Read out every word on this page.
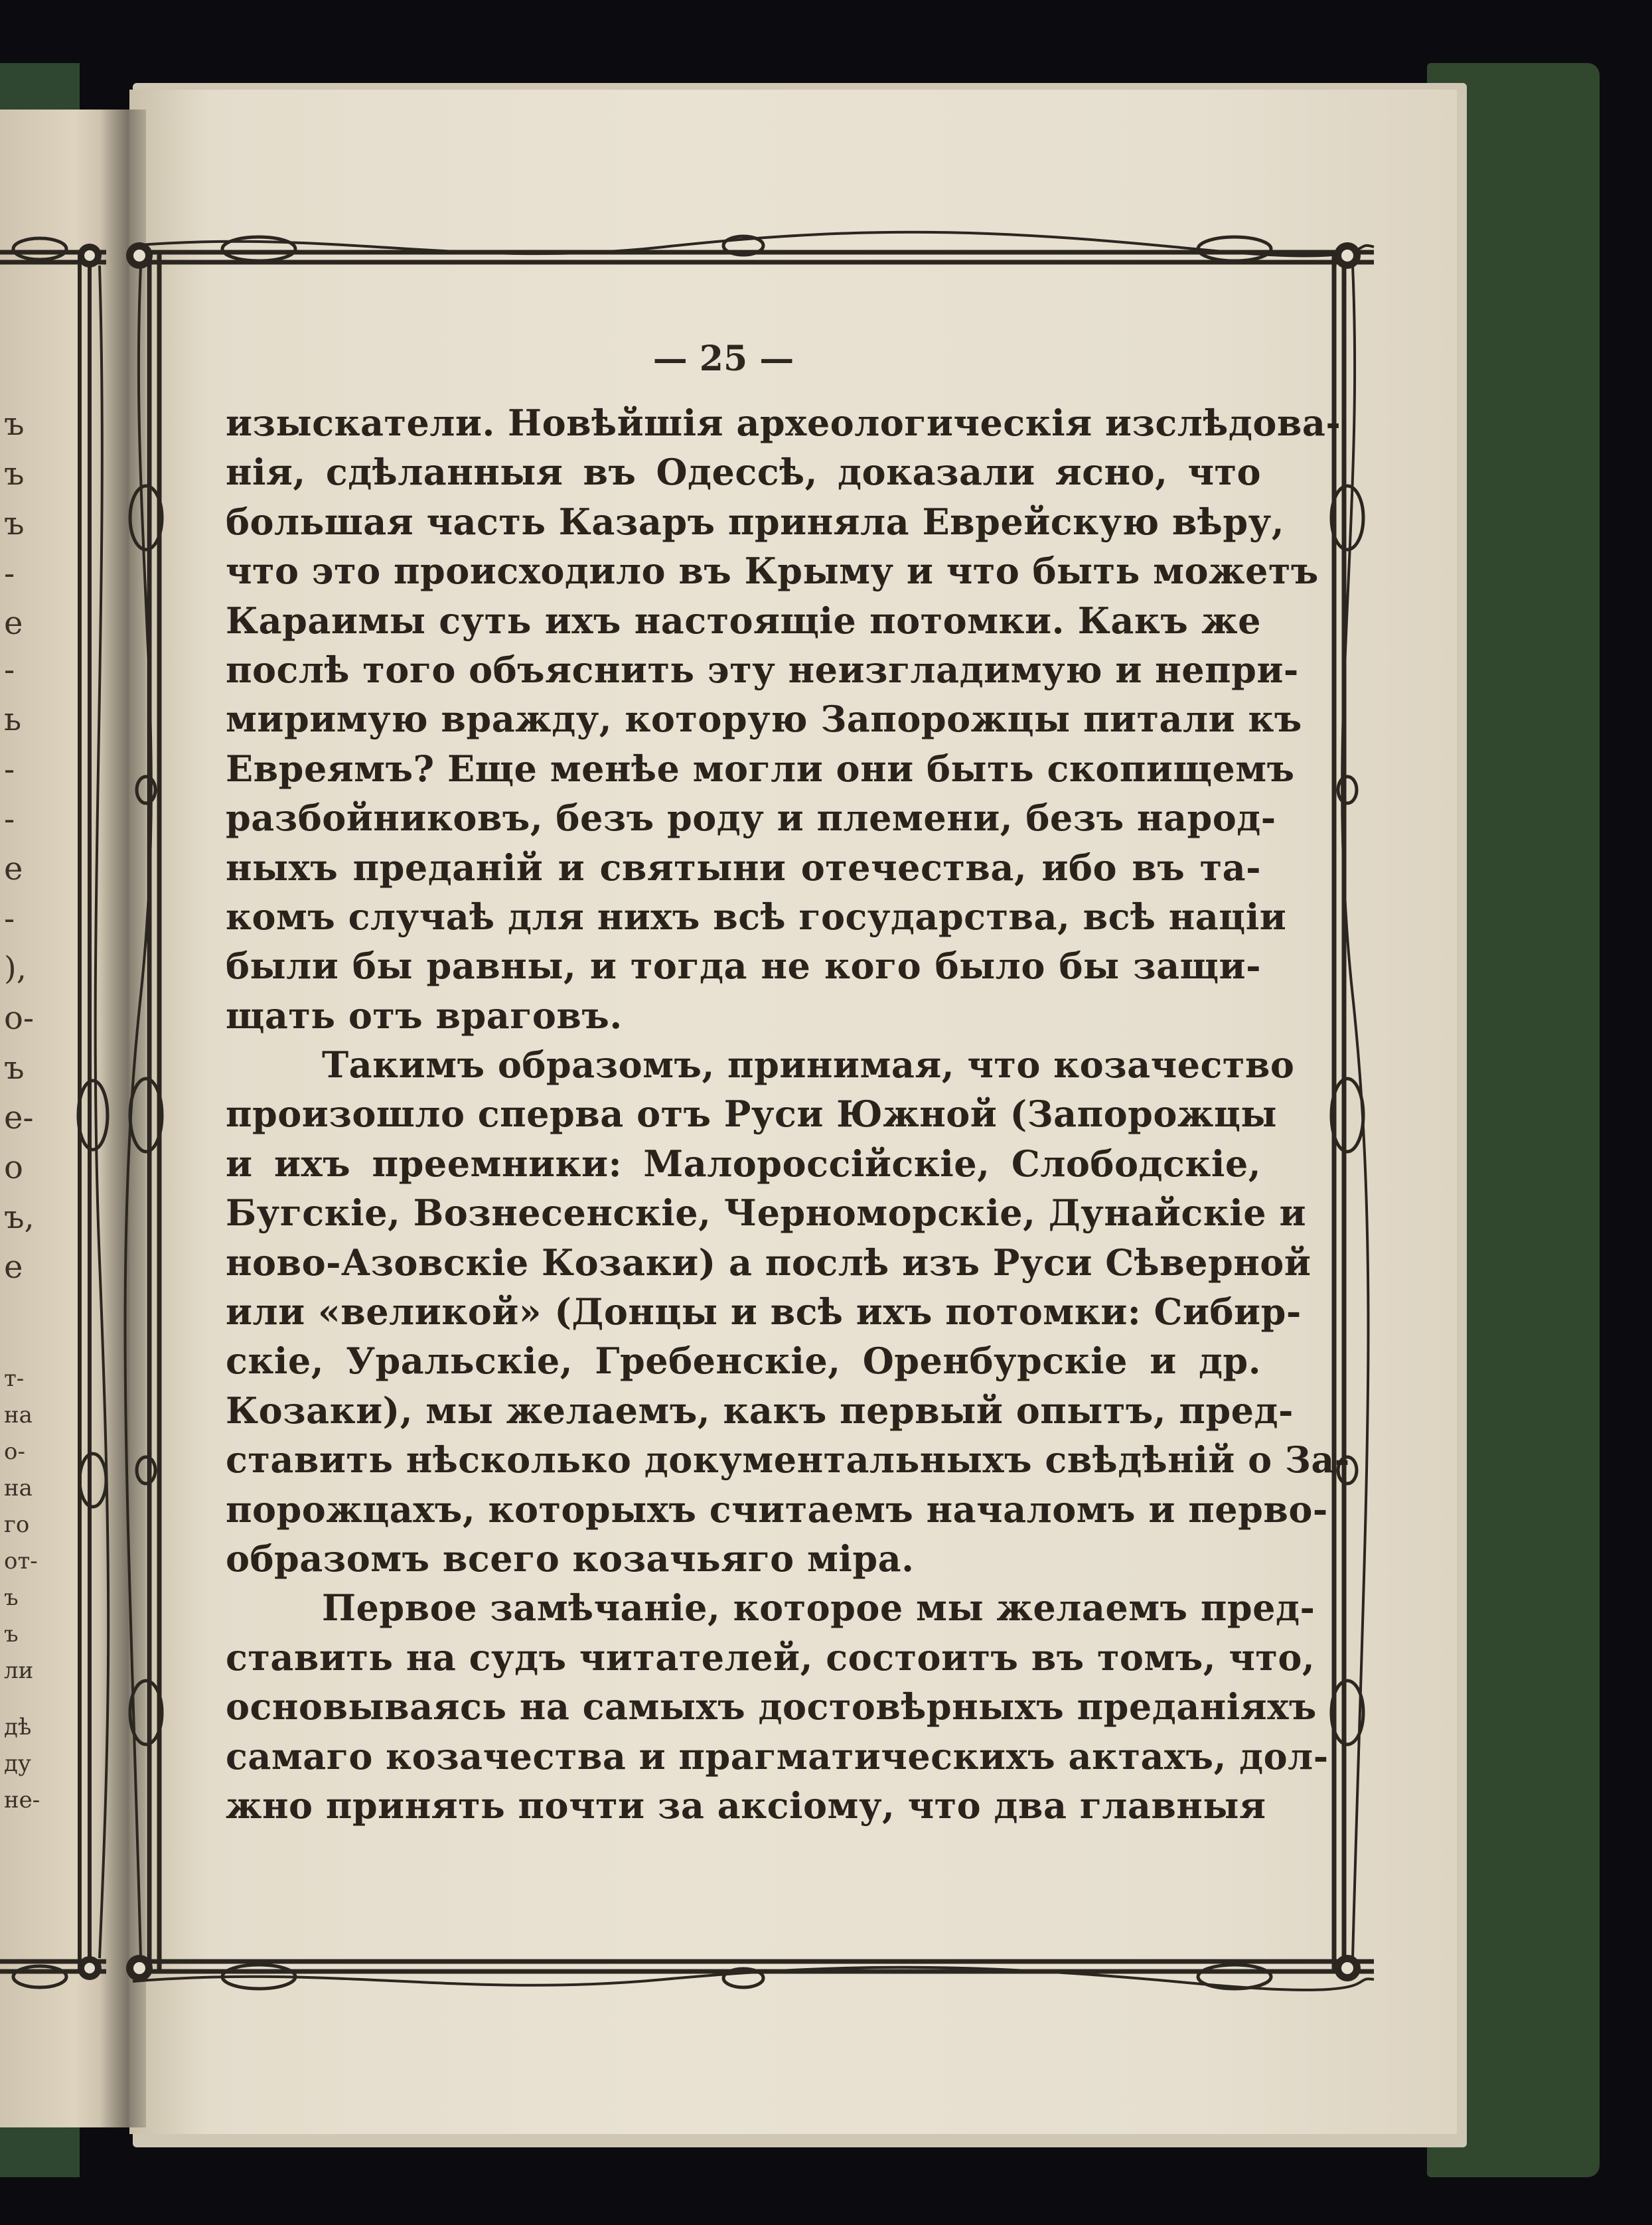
ъ
ъ
ъ
-
е
-
ь
-
-
е
-
),
о-
ъ
е-
о
ъ,
е
т-
на
о-
на
го
от-
ъ
ъ
ли
дѣ
ду
не-
— 25 —
изыскатели. Новѣйшія археологическія изслѣдова-
нія, сдѣланныя въ Одессѣ, доказали ясно, что
большая часть Казаръ приняла Еврейскую вѣру,
что это происходило въ Крыму и что быть можетъ
Караимы суть ихъ настоящіе потомки. Какъ же
послѣ того объяснить эту неизгладимую и непри-
миримую вражду, которую Запорожцы питали къ
Евреямъ? Еще менѣе могли они быть скопищемъ
разбойниковъ, безъ роду и племени, безъ народ-
ныхъ преданій и святыни отечества, ибо въ та-
комъ случаѣ для нихъ всѣ государства, всѣ націи
были бы равны, и тогда не кого было бы защи-
щать отъ враговъ.
Такимъ образомъ, принимая, что козачество
произошло сперва отъ Руси Южной (Запорожцы
и ихъ преемники: Малороссійскіе, Слободскіе,
Бугскіе, Вознесенскіе, Черноморскіе, Дунайскіе и
ново-Азовскіе Козаки) а послѣ изъ Руси Сѣверной
или «великой» (Донцы и всѣ ихъ потомки: Сибир-
скіе, Уральскіе, Гребенскіе, Оренбурскіе и др.
Козаки), мы желаемъ, какъ первый опытъ, пред-
ставить нѣсколько документальныхъ свѣдѣній о За-
порожцахъ, которыхъ считаемъ началомъ и перво-
образомъ всего козачьяго міра.
Первое замѣчаніе, которое мы желаемъ пред-
ставить на судъ читателей, состоитъ въ томъ, что,
основываясь на самыхъ достовѣрныхъ преданіяхъ
самаго козачества и прагматическихъ актахъ, дол-
жно принять почти за аксіому, что два главныя
